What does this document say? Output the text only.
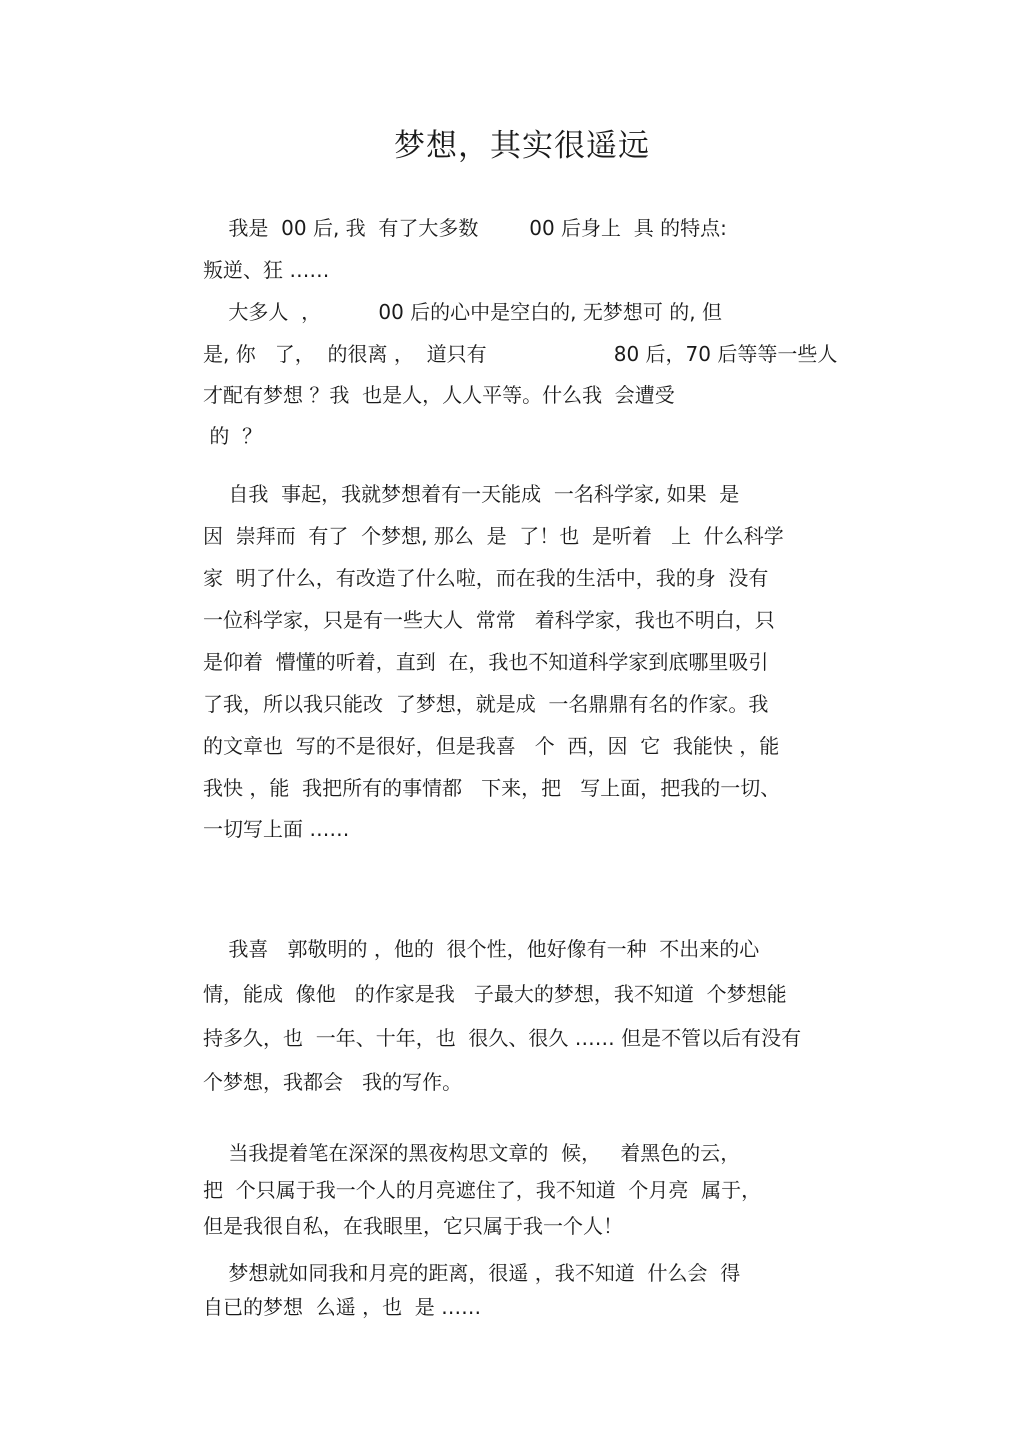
梦想，其实很遥远

我是  00 后, 我  有了大多数        00 后身上  具 的特点:

叛逆、狂 ……

大多人  ，         00 后的心中是空白的, 无梦想可 的, 但

是, 你   了，  的很离 ，  道只有                    80 后，70 后等等一些人

才配有梦想 ？我  也是人，人人平等。什么我  会遭受

的  ？

自我  事起，我就梦想着有一天能成  一名科学家, 如果  是

因  崇拜而  有了  个梦想, 那么  是  了！也  是听着   上  什么科学

家  明了什么，有改造了什么啦，而在我的生活中，我的身  没有

一位科学家，只是有一些大人  常常   着科学家，我也不明白，只

是仰着  懵懂的听着，直到  在，我也不知道科学家到底哪里吸引

了我，所以我只能改  了梦想，就是成  一名鼎鼎有名的作家。我

的文章也  写的不是很好，但是我喜   个  西，因  它  我能快 ，能

我快 ，能  我把所有的事情都   下来，把   写上面，把我的一切、

一切写上面 ……

我喜   郭敬明的 ，他的  很个性，他好像有一种  不出来的心

情，能成  像他   的作家是我   子最大的梦想，我不知道  个梦想能

持多久，也  一年、十年，也  很久、很久 …… 但是不管以后有没有

个梦想，我都会   我的写作。

当我提着笔在深深的黑夜构思文章的  候，   着黑色的云，

把  个只属于我一个人的月亮遮住了，我不知道  个月亮  属于，

但是我很自私，在我眼里，它只属于我一个人！

梦想就如同我和月亮的距离，很遥 ，我不知道  什么会  得

自已的梦想  么遥 ，也  是 ……
